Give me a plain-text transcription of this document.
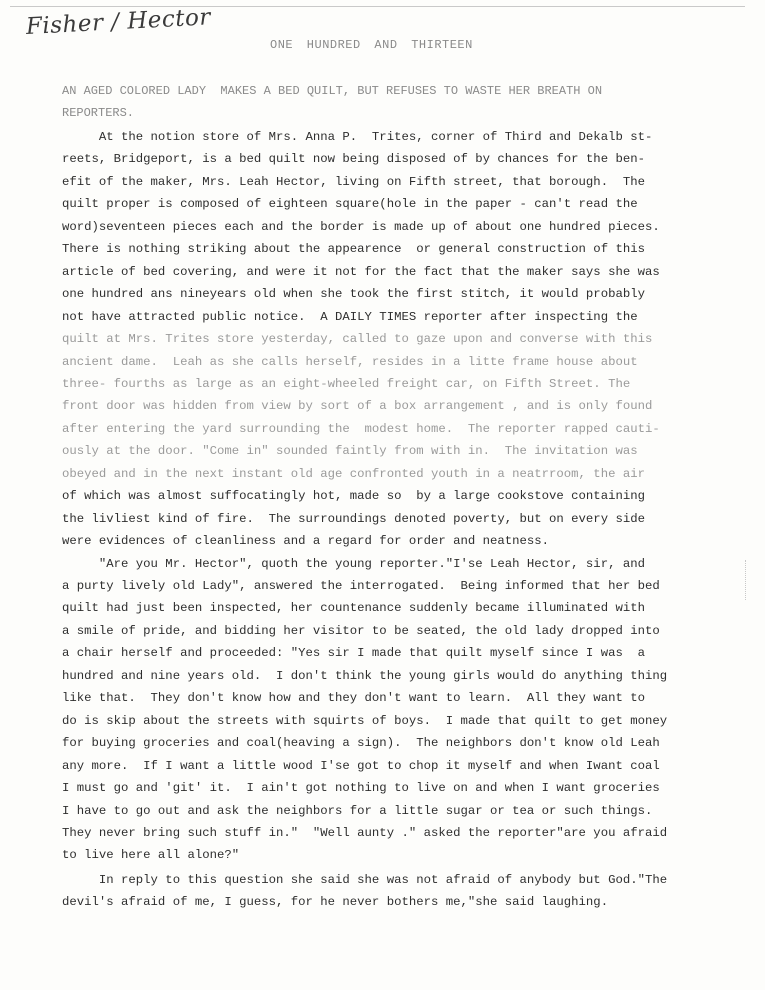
Fisher / Hector
ONE HUNDRED AND THIRTEEN
AN AGED COLORED LADY  MAKES A BED QUILT, BUT REFUSES TO WASTE HER BREATH ON
REPORTERS.
At the notion store of Mrs. Anna P.  Trites, corner of Third and Dekalb st-
reets, Bridgeport, is a bed quilt now being disposed of by chances for the ben-
efit of the maker, Mrs. Leah Hector, living on Fifth street, that borough.  The
quilt proper is composed of eighteen square(hole in the paper - can't read the
word)seventeen pieces each and the border is made up of about one hundred pieces.
There is nothing striking about the appearence  or general construction of this
article of bed covering, and were it not for the fact that the maker says she was
one hundred ans nineyears old when she took the first stitch, it would probably
not have attracted public notice.  A DAILY TIMES reporter after inspecting the
quilt at Mrs. Trites store yesterday, called to gaze upon and converse with this
ancient dame.  Leah as she calls herself, resides in a litte frame house about
three- fourths as large as an eight-wheeled freight car, on Fifth Street. The
front door was hidden from view by sort of a box arrangement , and is only found
after entering the yard surrounding the  modest home.  The reporter rapped cauti-
ously at the door. "Come in" sounded faintly from with in.  The invitation was
obeyed and in the next instant old age confronted youth in a neatrroom, the air
of which was almost suffocatingly hot, made so  by a large cookstove containing
the livliest kind of fire.  The surroundings denoted poverty, but on every side
were evidences of cleanliness and a regard for order and neatness.
"Are you Mr. Hector", quoth the young reporter."I'se Leah Hector, sir, and
a purty lively old Lady", answered the interrogated.  Being informed that her bed
quilt had just been inspected, her countenance suddenly became illuminated with
a smile of pride, and bidding her visitor to be seated, the old lady dropped into
a chair herself and proceeded: "Yes sir I made that quilt myself since I was  a
hundred and nine years old.  I don't think the young girls would do anything thing
like that.  They don't know how and they don't want to learn.  All they want to
do is skip about the streets with squirts of boys.  I made that quilt to get money
for buying groceries and coal(heaving a sign).  The neighbors don't know old Leah
any more.  If I want a little wood I'se got to chop it myself and when Iwant coal
I must go and 'git' it.  I ain't got nothing to live on and when I want groceries
I have to go out and ask the neighbors for a little sugar or tea or such things.
They never bring such stuff in."  "Well aunty ." asked the reporter"are you afraid
to live here all alone?"
In reply to this question she said she was not afraid of anybody but God."The
devil's afraid of me, I guess, for he never bothers me,"she said laughing.
